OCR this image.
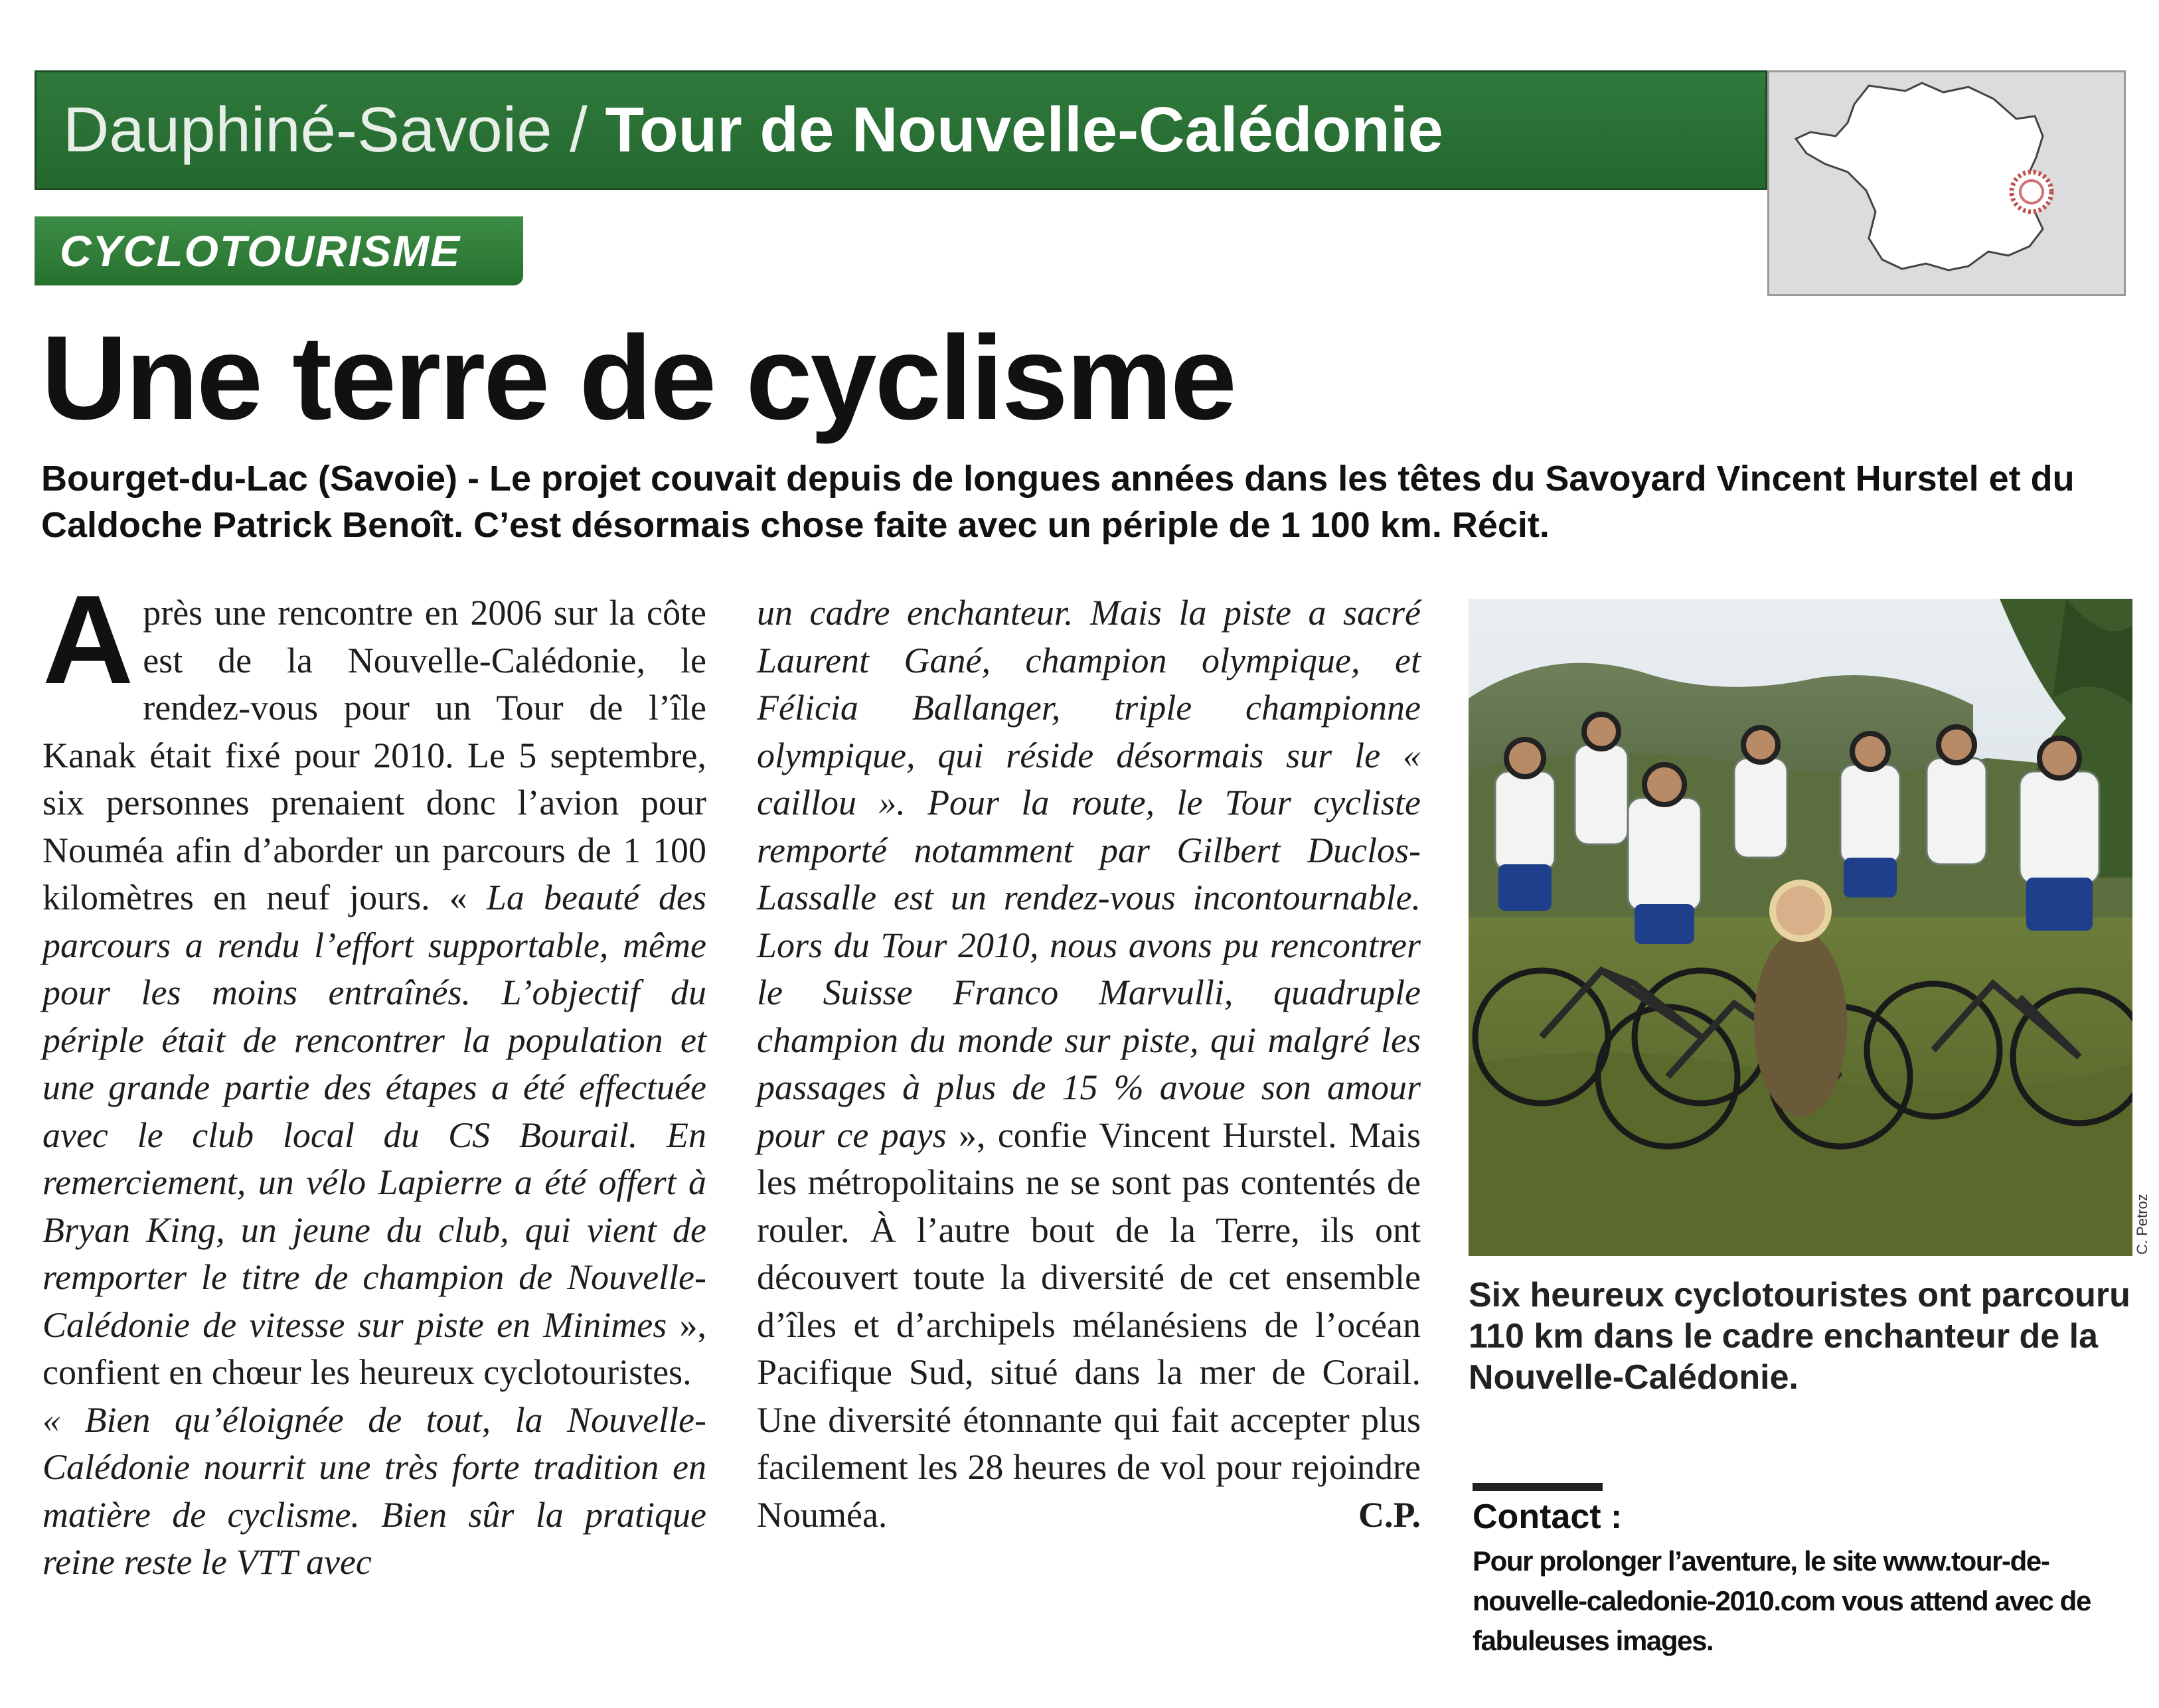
Dauphiné-Savoie / Tour de Nouvelle-Calédonie
CYCLOTOURISME
Une terre de cyclisme
Bourget-du-Lac (Savoie) - Le projet couvait depuis de longues années dans les têtes du Savoyard Vincent Hurstel et du Caldoche Patrick Benoît. C’est désormais chose faite avec un périple de 1 100 km. Récit.

Après une rencontre en 2006 sur la côte est de la Nouvelle-Calédonie, le rendez-vous pour un Tour de l’île Kanak était fixé pour 2010. Le 5 septembre, six personnes prenaient donc l’avion pour Nouméa afin d’aborder un parcours de 1 100 kilomètres en neuf jours. « La beauté des parcours a rendu l’effort supportable, même pour les moins entraînés. L’objectif du périple était de rencontrer la population et une grande partie des étapes a été effectuée avec le club local du CS Bourail. En remerciement, un vélo Lapierre a été offert à Bryan King, un jeune du club, qui vient de remporter le titre de champion de Nouvelle-Calédonie de vitesse sur piste en Minimes », confient en chœur les heureux cyclotouristes.

« Bien qu’éloignée de tout, la Nouvelle-Calédonie nourrit une très forte tradition en matière de cyclisme. Bien sûr la pratique reine reste le VTT avec

un cadre enchanteur. Mais la piste a sacré Laurent Gané, champion olympique, et Félicia Ballanger, triple championne olympique, qui réside désormais sur le « caillou ». Pour la route, le Tour cycliste remporté notamment par Gilbert Duclos-Lassalle est un rendez-vous incontournable. Lors du Tour 2010, nous avons pu rencontrer le Suisse Franco Marvulli, quadruple champion du monde sur piste, qui malgré les passages à plus de 15 % avoue son amour pour ce pays », confie Vincent Hurstel. Mais les métropolitains ne se sont pas contentés de rouler. À l’autre bout de la Terre, ils ont découvert toute la diversité de cet ensemble d’îles et d’archipels mélanésiens de l’océan Pacifique Sud, situé dans la mer de Corail. Une diversité étonnante qui fait accepter plus facilement les 28 heures de vol pour rejoindre Nouméa.	C.P.

C. Petroz
Six heureux cyclotouristes ont parcouru 110 km dans le cadre enchanteur de la Nouvelle-Calédonie.
Contact :
Pour prolonger l’aventure, le site www.tour-de-nouvelle-caledonie-2010.com vous attend avec de fabuleuses images.
